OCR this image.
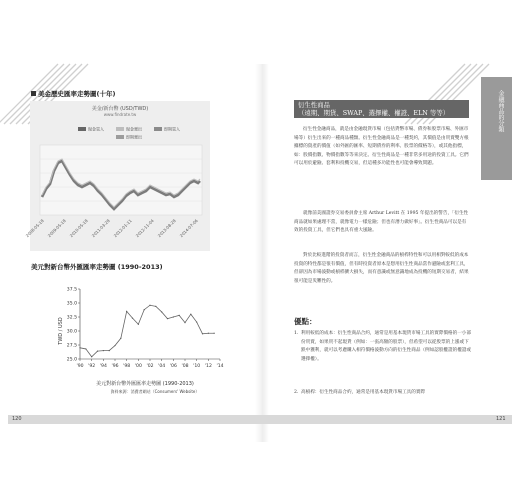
美金歷史匯率走勢圖(十年)
美金/新台幣 (USD/TWD)
www.findrate.tw
現金買入	現金賣出	即期買入
即期賣出
2008-05-18 2009-05-18 2010-05-18 2011-03-28 2012-01-11 2012-11-04 2013-08-28 2014-07-06
美元對新台幣外匯匯率走勢圖 (1990-2013)
TWD / USD
25.0
27.5
30.0
32.5
35.0
37.5
'90 '92 '94 '96 '98 '00 '02 '04 '06 '08 '10 '12 '14
美元對新台幣外匯匯率走勢圖 (1990-2013)
資料來源：消費者網站（Consumers' Website）
金融商品的分類
衍生性商品
（遠期、期貨、SWAP、選擇權、權證、ELN 等等）
衍生性金融商品，就是由金融現貨市場（包括貨幣市場、債券和股票市場、外匯市場等）衍生出來的一種商品種類。衍生性金融商品是一種契約，其價值是由買賣雙方根據標的資產的價值（如外匯的匯率、短期債券的利率、股票的價格等），或其他指標，如：股價指數、物價指數等等來決定。衍生性商品是一種非常多用途的投資工具。它們可以用於避險、套利和投機交易，但這種多功能性也可能會導致問題。
就像前美國證券交易委員會主席 Arthur Levitt 在 1995 年提出的警告，「衍生性商品就如果處理不當，就像電力一樣危險；但也有潛力做好事」。衍生性商品可以是有效的投資工具，但它們也具有重大風險。
對於比較進階的投資者而言，衍生性金融商品的槓桿特性和可以用相對較低的成本投資的特性都是很有價值，但有時投資者原本是想用衍生性商品當作避險或套利工具，但卻因為市場波動或槓桿擴大損失，而有意識或無意識地成為投機的短期交易者，結果很可能是災難性的。
優點：
1. 利用較低的成本：衍生性商品合約，通常是用基本現貨市場工具的實際價格的一小部份買賣，如果買不起現貨（例如：一張高額的股票），但希望可以從股票的上漲或下跌中獲利，就可以考慮購入相符價格波動方向的衍生性商品（例如認股權證的權證或選擇權）。
2. 高槓桿：衍生性商品合約，通常是用基本現貨市場工具的實際
120	121
